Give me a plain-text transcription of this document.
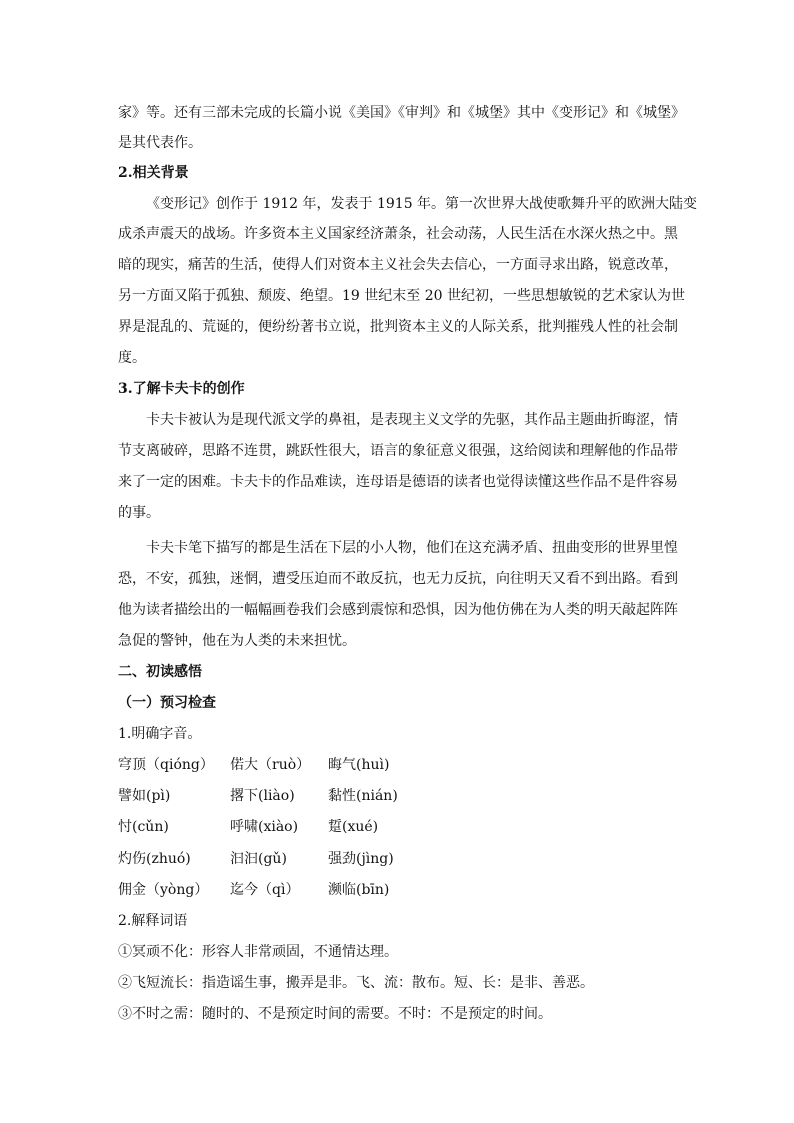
家》等。还有三部未完成的长篇小说《美国》《审判》和《城堡》其中《变形记》和《城堡》

是其代表作。

2.相关背景

《变形记》创作于 1912 年，发表于 1915 年。第一次世界大战使歌舞升平的欧洲大陆变

成杀声震天的战场。许多资本主义国家经济萧条，社会动荡，人民生活在水深火热之中。黑

暗的现实，痛苦的生活，使得人们对资本主义社会失去信心，一方面寻求出路，锐意改革，

另一方面又陷于孤独、颓废、绝望。19 世纪末至 20 世纪初，一些思想敏锐的艺术家认为世

界是混乱的、荒诞的，便纷纷著书立说，批判资本主义的人际关系，批判摧残人性的社会制

度。

3.了解卡夫卡的创作

卡夫卡被认为是现代派文学的鼻祖，是表现主义文学的先驱，其作品主题曲折晦涩，情

节支离破碎，思路不连贯，跳跃性很大，语言的象征意义很强，这给阅读和理解他的作品带

来了一定的困难。卡夫卡的作品难读，连母语是德语的读者也觉得读懂这些作品不是件容易

的事。

卡夫卡笔下描写的都是生活在下层的小人物，他们在这充满矛盾、扭曲变形的世界里惶

恐，不安，孤独，迷惘，遭受压迫而不敢反抗，也无力反抗，向往明天又看不到出路。看到

他为读者描绘出的一幅幅画卷我们会感到震惊和恐惧，因为他仿佛在为人类的明天敲起阵阵

急促的警钟，他在为人类的未来担忧。

二、初读感悟

（一）预习检查

1.明确字音。

穹顶（qióng） 偌大（ruò） 晦气(huì)
譬如(pì)	撂下(liào) 黏性(nián)
忖(cǔn)	呼啸(xiào) 踅(xué)
灼伤(zhuó)	汩汩(gǔ)	强劲(jìng)
佣金（yòng） 迄今（qì） 濒临(bīn)

2.解释词语

①冥顽不化：形容人非常顽固，不通情达理。

②飞短流长：指造谣生事，搬弄是非。飞、流：散布。短、长：是非、善恶。

③不时之需：随时的、不是预定时间的需要。不时：不是预定的时间。
